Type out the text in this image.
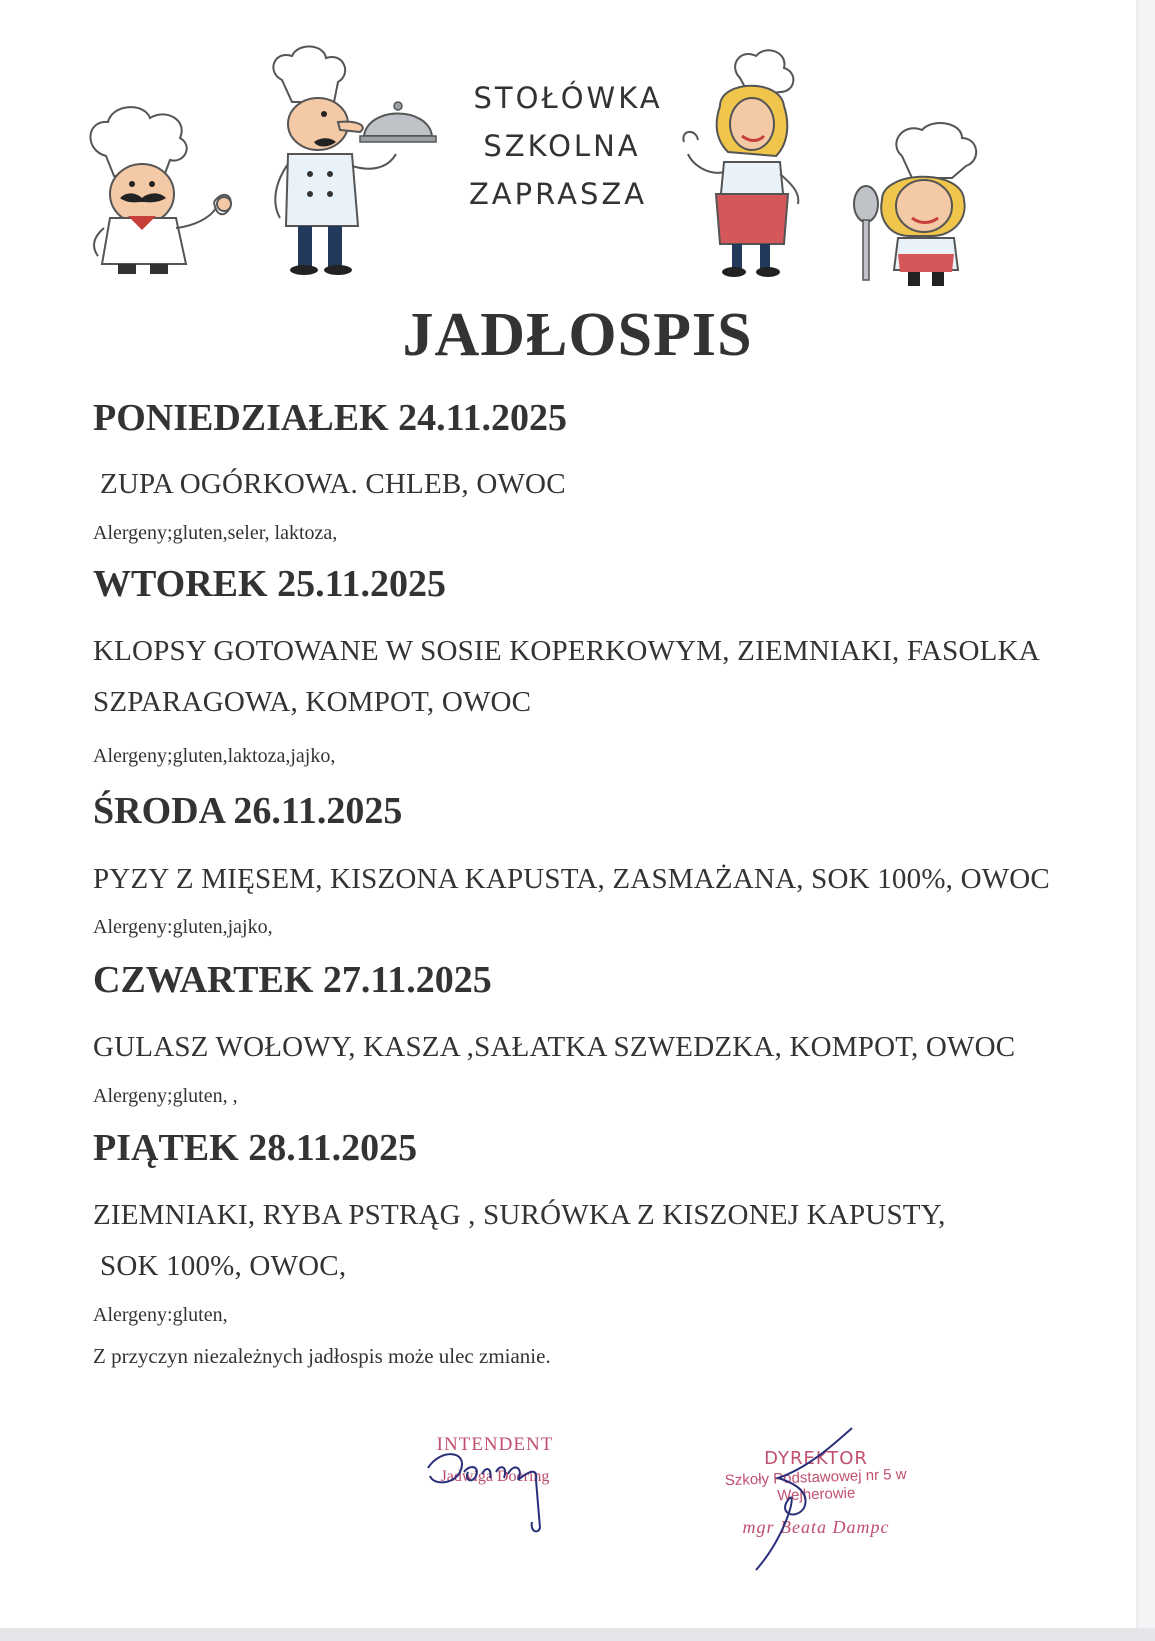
STOŁÓWKA
SZKOLNA
ZAPRASZA
JADŁOSPIS
PONIEDZIAŁEK 24.11.2025
ZUPA OGÓRKOWA. CHLEB, OWOC
Alergeny;gluten,seler, laktoza,
WTOREK 25.11.2025
KLOPSY GOTOWANE W SOSIE KOPERKOWYM, ZIEMNIAKI, FASOLKA
SZPARAGOWA, KOMPOT, OWOC
Alergeny;gluten,laktoza,jajko,
ŚRODA 26.11.2025
PYZY Z MIĘSEM, KISZONA KAPUSTA, ZASMAŻANA, SOK 100%, OWOC
Alergeny:gluten,jajko,
CZWARTEK 27.11.2025
GULASZ WOŁOWY, KASZA ,SAŁATKA SZWEDZKA, KOMPOT, OWOC
Alergeny;gluten, ,
PIĄTEK 28.11.2025
ZIEMNIAKI, RYBA PSTRĄG , SURÓWKA Z KISZONEJ KAPUSTY,
SOK 100%, OWOC,
Alergeny:gluten,
Z przyczyn niezależnych jadłospis może ulec zmianie.
INTENDENT
Jadwiga Doering
DYREKTOR
Szkoły Podstawowej nr 5 w Wejherowie
mgr Beata Dampc
